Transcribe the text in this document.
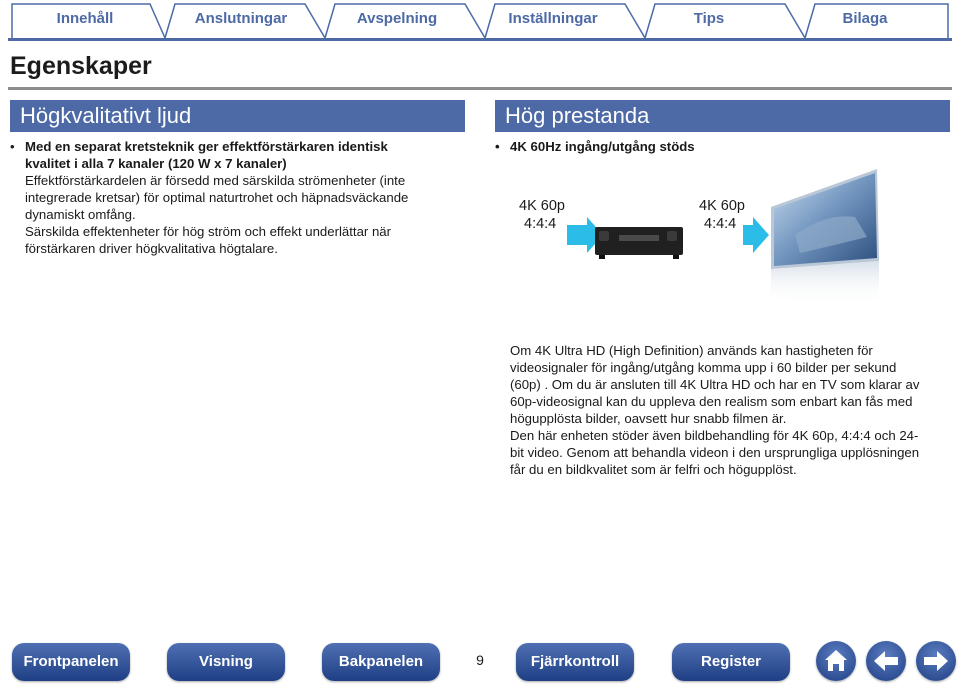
Innehåll	Anslutningar	Avspelning	Inställningar	Tips	Bilaga
Egenskaper
Högkvalitativt ljud	Hög prestanda
• Med en separat kretsteknik ger effektförstärkaren identisk
kvalitet i alla 7 kanaler (120 W x 7 kanaler)
Effektförstärkardelen är försedd med särskilda strömenheter (inte
integrerade kretsar) för optimal naturtrohet och häpnadsväckande
dynamiskt omfång.
Särskilda effektenheter för hög ström och effekt underlättar när
förstärkaren driver högkvalitativa högtalare.
• 4K 60Hz ingång/utgång stöds
4K 60p
4:4:4
4K 60p
4:4:4
Om 4K Ultra HD (High Definition) används kan hastigheten för
videosignaler för ingång/utgång komma upp i 60 bilder per sekund
(60p) . Om du är ansluten till 4K Ultra HD och har en TV som klarar av
60p-videosignal kan du uppleva den realism som enbart kan fås med
högupplösta bilder, oavsett hur snabb filmen är.
Den här enheten stöder även bildbehandling för 4K 60p, 4:4:4 och 24-
bit video. Genom att behandla videon i den ursprungliga upplösningen
får du en bildkvalitet som är felfri och högupplöst.
Frontpanelen	Visning	Bakpanelen	9	Fjärrkontroll	Register
